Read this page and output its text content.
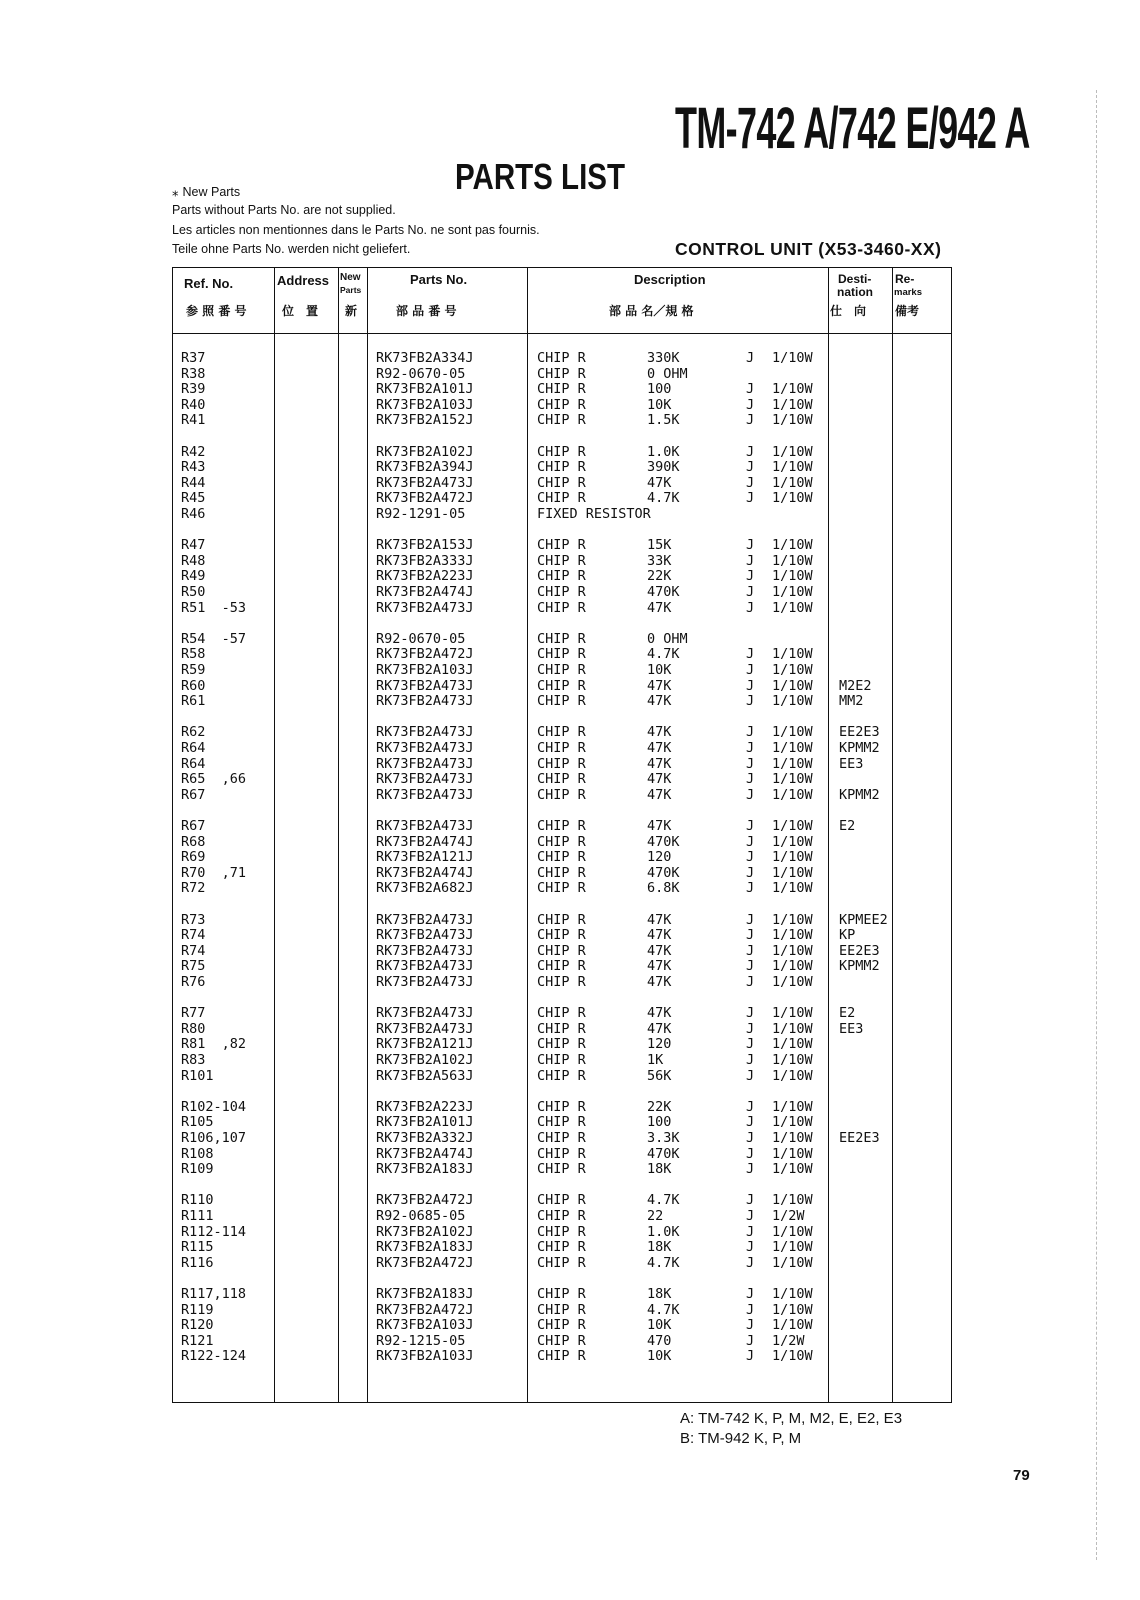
TM-742 A/742 E/942 A
PARTS LIST
⁎ New Parts
Parts without Parts No. are not supplied.
Les articles non mentionnes dans le Parts No. ne sont pas fournis.
Teile ohne Parts No. werden nicht geliefert.	CONTROL UNIT (X53-3460-XX)
Ref. No.
参 照 番 号
Address
位　置
New
Parts
新
Parts No.
部 品 番 号
Description
部 品 名／規 格
Desti-
nation
仕　向
Re-
marks
備考
R37	RK73FB2A334J	CHIP R	330K	J 1/10W
R38	R92-0670-05	CHIP R	0 OHM
R39	RK73FB2A101J	CHIP R	100	J 1/10W
R40	RK73FB2A103J	CHIP R	10K	J 1/10W
R41	RK73FB2A152J	CHIP R	1.5K	J 1/10W
R42	RK73FB2A102J	CHIP R	1.0K	J 1/10W
R43	RK73FB2A394J	CHIP R	390K	J 1/10W
R44	RK73FB2A473J	CHIP R	47K	J 1/10W
R45	RK73FB2A472J	CHIP R	4.7K	J 1/10W
R46	R92-1291-05	FIXED RESISTOR
R47	RK73FB2A153J	CHIP R	15K	J 1/10W
R48	RK73FB2A333J	CHIP R	33K	J 1/10W
R49	RK73FB2A223J	CHIP R	22K	J 1/10W
R50	RK73FB2A474J	CHIP R	470K	J 1/10W
R51  -53	RK73FB2A473J	CHIP R	47K	J 1/10W
R54  -57	R92-0670-05	CHIP R	0 OHM
R58	RK73FB2A472J	CHIP R	4.7K	J 1/10W
R59	RK73FB2A103J	CHIP R	10K	J 1/10W
R60	RK73FB2A473J	CHIP R	47K	J 1/10W M2E2
R61	RK73FB2A473J	CHIP R	47K	J 1/10W MM2
R62	RK73FB2A473J	CHIP R	47K	J 1/10W EE2E3
R64	RK73FB2A473J	CHIP R	47K	J 1/10W KPMM2
R64	RK73FB2A473J	CHIP R	47K	J 1/10W EE3
R65  ,66	RK73FB2A473J	CHIP R	47K	J 1/10W
R67	RK73FB2A473J	CHIP R	47K	J 1/10W KPMM2
R67	RK73FB2A473J	CHIP R	47K	J 1/10W E2
R68	RK73FB2A474J	CHIP R	470K	J 1/10W
R69	RK73FB2A121J	CHIP R	120	J 1/10W
R70  ,71	RK73FB2A474J	CHIP R	470K	J 1/10W
R72	RK73FB2A682J	CHIP R	6.8K	J 1/10W
R73	RK73FB2A473J	CHIP R	47K	J 1/10W KPMEE2
R74	RK73FB2A473J	CHIP R	47K	J 1/10W KP
R74	RK73FB2A473J	CHIP R	47K	J 1/10W EE2E3
R75	RK73FB2A473J	CHIP R	47K	J 1/10W KPMM2
R76	RK73FB2A473J	CHIP R	47K	J 1/10W
R77	RK73FB2A473J	CHIP R	47K	J 1/10W E2
R80	RK73FB2A473J	CHIP R	47K	J 1/10W EE3
R81  ,82	RK73FB2A121J	CHIP R	120	J 1/10W
R83	RK73FB2A102J	CHIP R	1K	J 1/10W
R101	RK73FB2A563J	CHIP R	56K	J 1/10W
R102-104	RK73FB2A223J	CHIP R	22K	J 1/10W
R105	RK73FB2A101J	CHIP R	100	J 1/10W
R106,107	RK73FB2A332J	CHIP R	3.3K	J 1/10W EE2E3
R108	RK73FB2A474J	CHIP R	470K	J 1/10W
R109	RK73FB2A183J	CHIP R	18K	J 1/10W
R110	RK73FB2A472J	CHIP R	4.7K	J 1/10W
R111	R92-0685-05	CHIP R	22	J 1/2W
R112-114	RK73FB2A102J	CHIP R	1.0K	J 1/10W
R115	RK73FB2A183J	CHIP R	18K	J 1/10W
R116	RK73FB2A472J	CHIP R	4.7K	J 1/10W
R117,118	RK73FB2A183J	CHIP R	18K	J 1/10W
R119	RK73FB2A472J	CHIP R	4.7K	J 1/10W
R120	RK73FB2A103J	CHIP R	10K	J 1/10W
R121	R92-1215-05	CHIP R	470	J 1/2W
R122-124	RK73FB2A103J	CHIP R	10K	J 1/10W
A: TM-742 K, P, M, M2, E, E2, E3
B: TM-942 K, P, M
79
